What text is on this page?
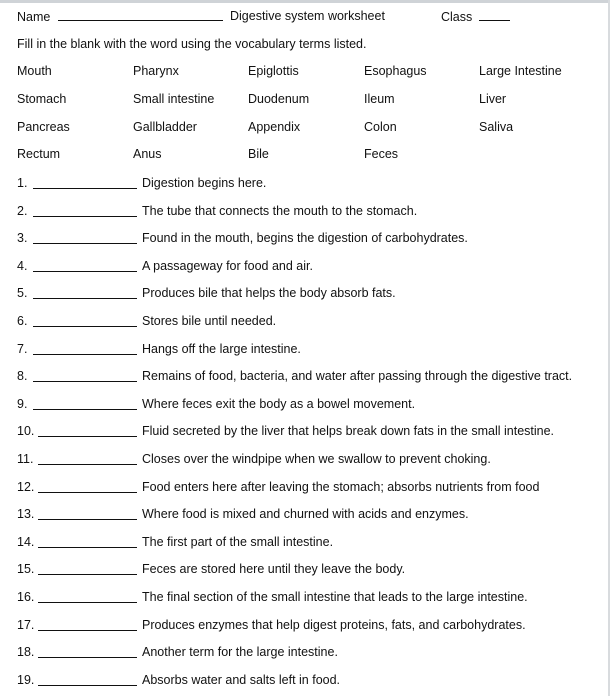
Name	Digestive system worksheet	Class
Fill in the blank with the word using the vocabulary terms listed.
Mouth	Pharynx	Epiglottis	Esophagus	Large Intestine
Stomach	Small intestine	Duodenum	Ileum	Liver
Pancreas	Gallbladder	Appendix	Colon	Saliva
Rectum	Anus	Bile	Feces
1.	Digestion begins here.
2.	The tube that connects the mouth to the stomach.
3.	Found in the mouth, begins the digestion of carbohydrates.
4.	A passageway for food and air.
5.	Produces bile that helps the body absorb fats.
6.	Stores bile until needed.
7.	Hangs off the large intestine.
8.	Remains of food, bacteria, and water after passing through the digestive tract.
9.	Where feces exit the body as a bowel movement.
10.	Fluid secreted by the liver that helps break down fats in the small intestine.
11.	Closes over the windpipe when we swallow to prevent choking.
12.	Food enters here after leaving the stomach; absorbs nutrients from food
13.	Where food is mixed and churned with acids and enzymes.
14.	The first part of the small intestine.
15.	Feces are stored here until they leave the body.
16.	The final section of the small intestine that leads to the large intestine.
17.	Produces enzymes that help digest proteins, fats, and carbohydrates.
18.	Another term for the large intestine.
19.	Absorbs water and salts left in food.
